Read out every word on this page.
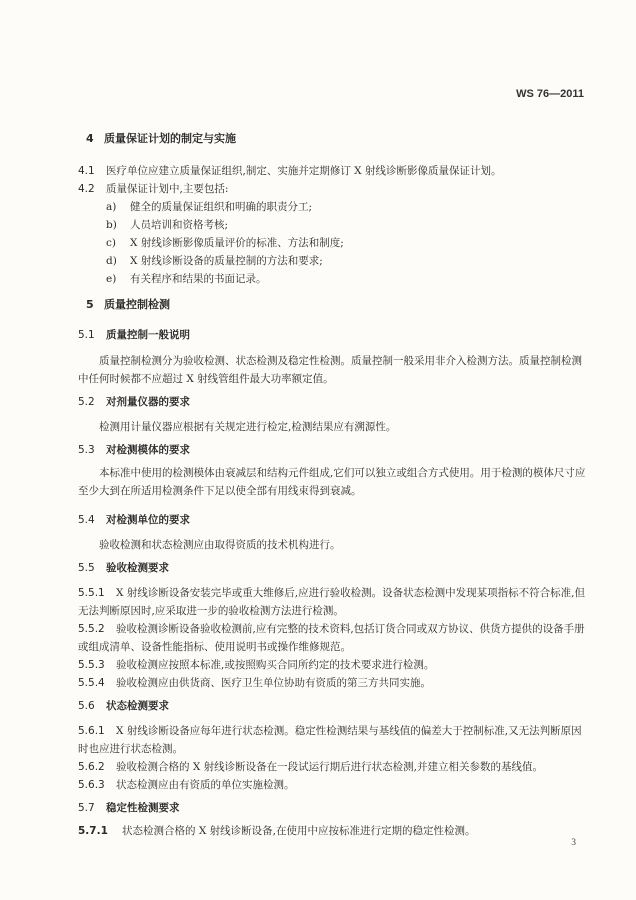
WS 76—2011
4 质量保证计划的制定与实施
4.1 医疗单位应建立质量保证组织,制定、实施并定期修订 X 射线诊断影像质量保证计划。
4.2 质量保证计划中,主要包括:
a) 健全的质量保证组织和明确的职责分工;
b) 人员培训和资格考核;
c) X 射线诊断影像质量评价的标准、方法和制度;
d) X 射线诊断设备的质量控制的方法和要求;
e) 有关程序和结果的书面记录。
5 质量控制检测
5.1 质量控制一般说明
质量控制检测分为验收检测、状态检测及稳定性检测。质量控制一般采用非介入检测方法。质量控制检测中任何时候都不应超过 X 射线管组件最大功率额定值。
5.2 对剂量仪器的要求
检测用计量仪器应根据有关规定进行检定,检测结果应有溯源性。
5.3 对检测模体的要求
本标准中使用的检测模体由衰减层和结构元件组成,它们可以独立或组合方式使用。用于检测的模体尺寸应至少大到在所适用检测条件下足以使全部有用线束得到衰减。
5.4 对检测单位的要求
验收检测和状态检测应由取得资质的技术机构进行。
5.5 验收检测要求
5.5.1 X 射线诊断设备安装完毕或重大维修后,应进行验收检测。设备状态检测中发现某项指标不符合标准,但无法判断原因时,应采取进一步的验收检测方法进行检测。
5.5.2 验收检测诊断设备验收检测前,应有完整的技术资料,包括订货合同或双方协议、供货方提供的设备手册或组成清单、设备性能指标、使用说明书或操作维修规范。
5.5.3 验收检测应按照本标准,或按照购买合同所约定的技术要求进行检测。
5.5.4 验收检测应由供货商、医疗卫生单位协助有资质的第三方共同实施。
5.6 状态检测要求
5.6.1 X 射线诊断设备应每年进行状态检测。稳定性检测结果与基线值的偏差大于控制标准,又无法判断原因时也应进行状态检测。
5.6.2 验收检测合格的 X 射线诊断设备在一段试运行期后进行状态检测,并建立相关参数的基线值。
5.6.3 状态检测应由有资质的单位实施检测。
5.7 稳定性检测要求
5.7.1 状态检测合格的 X 射线诊断设备,在使用中应按标准进行定期的稳定性检测。
3
